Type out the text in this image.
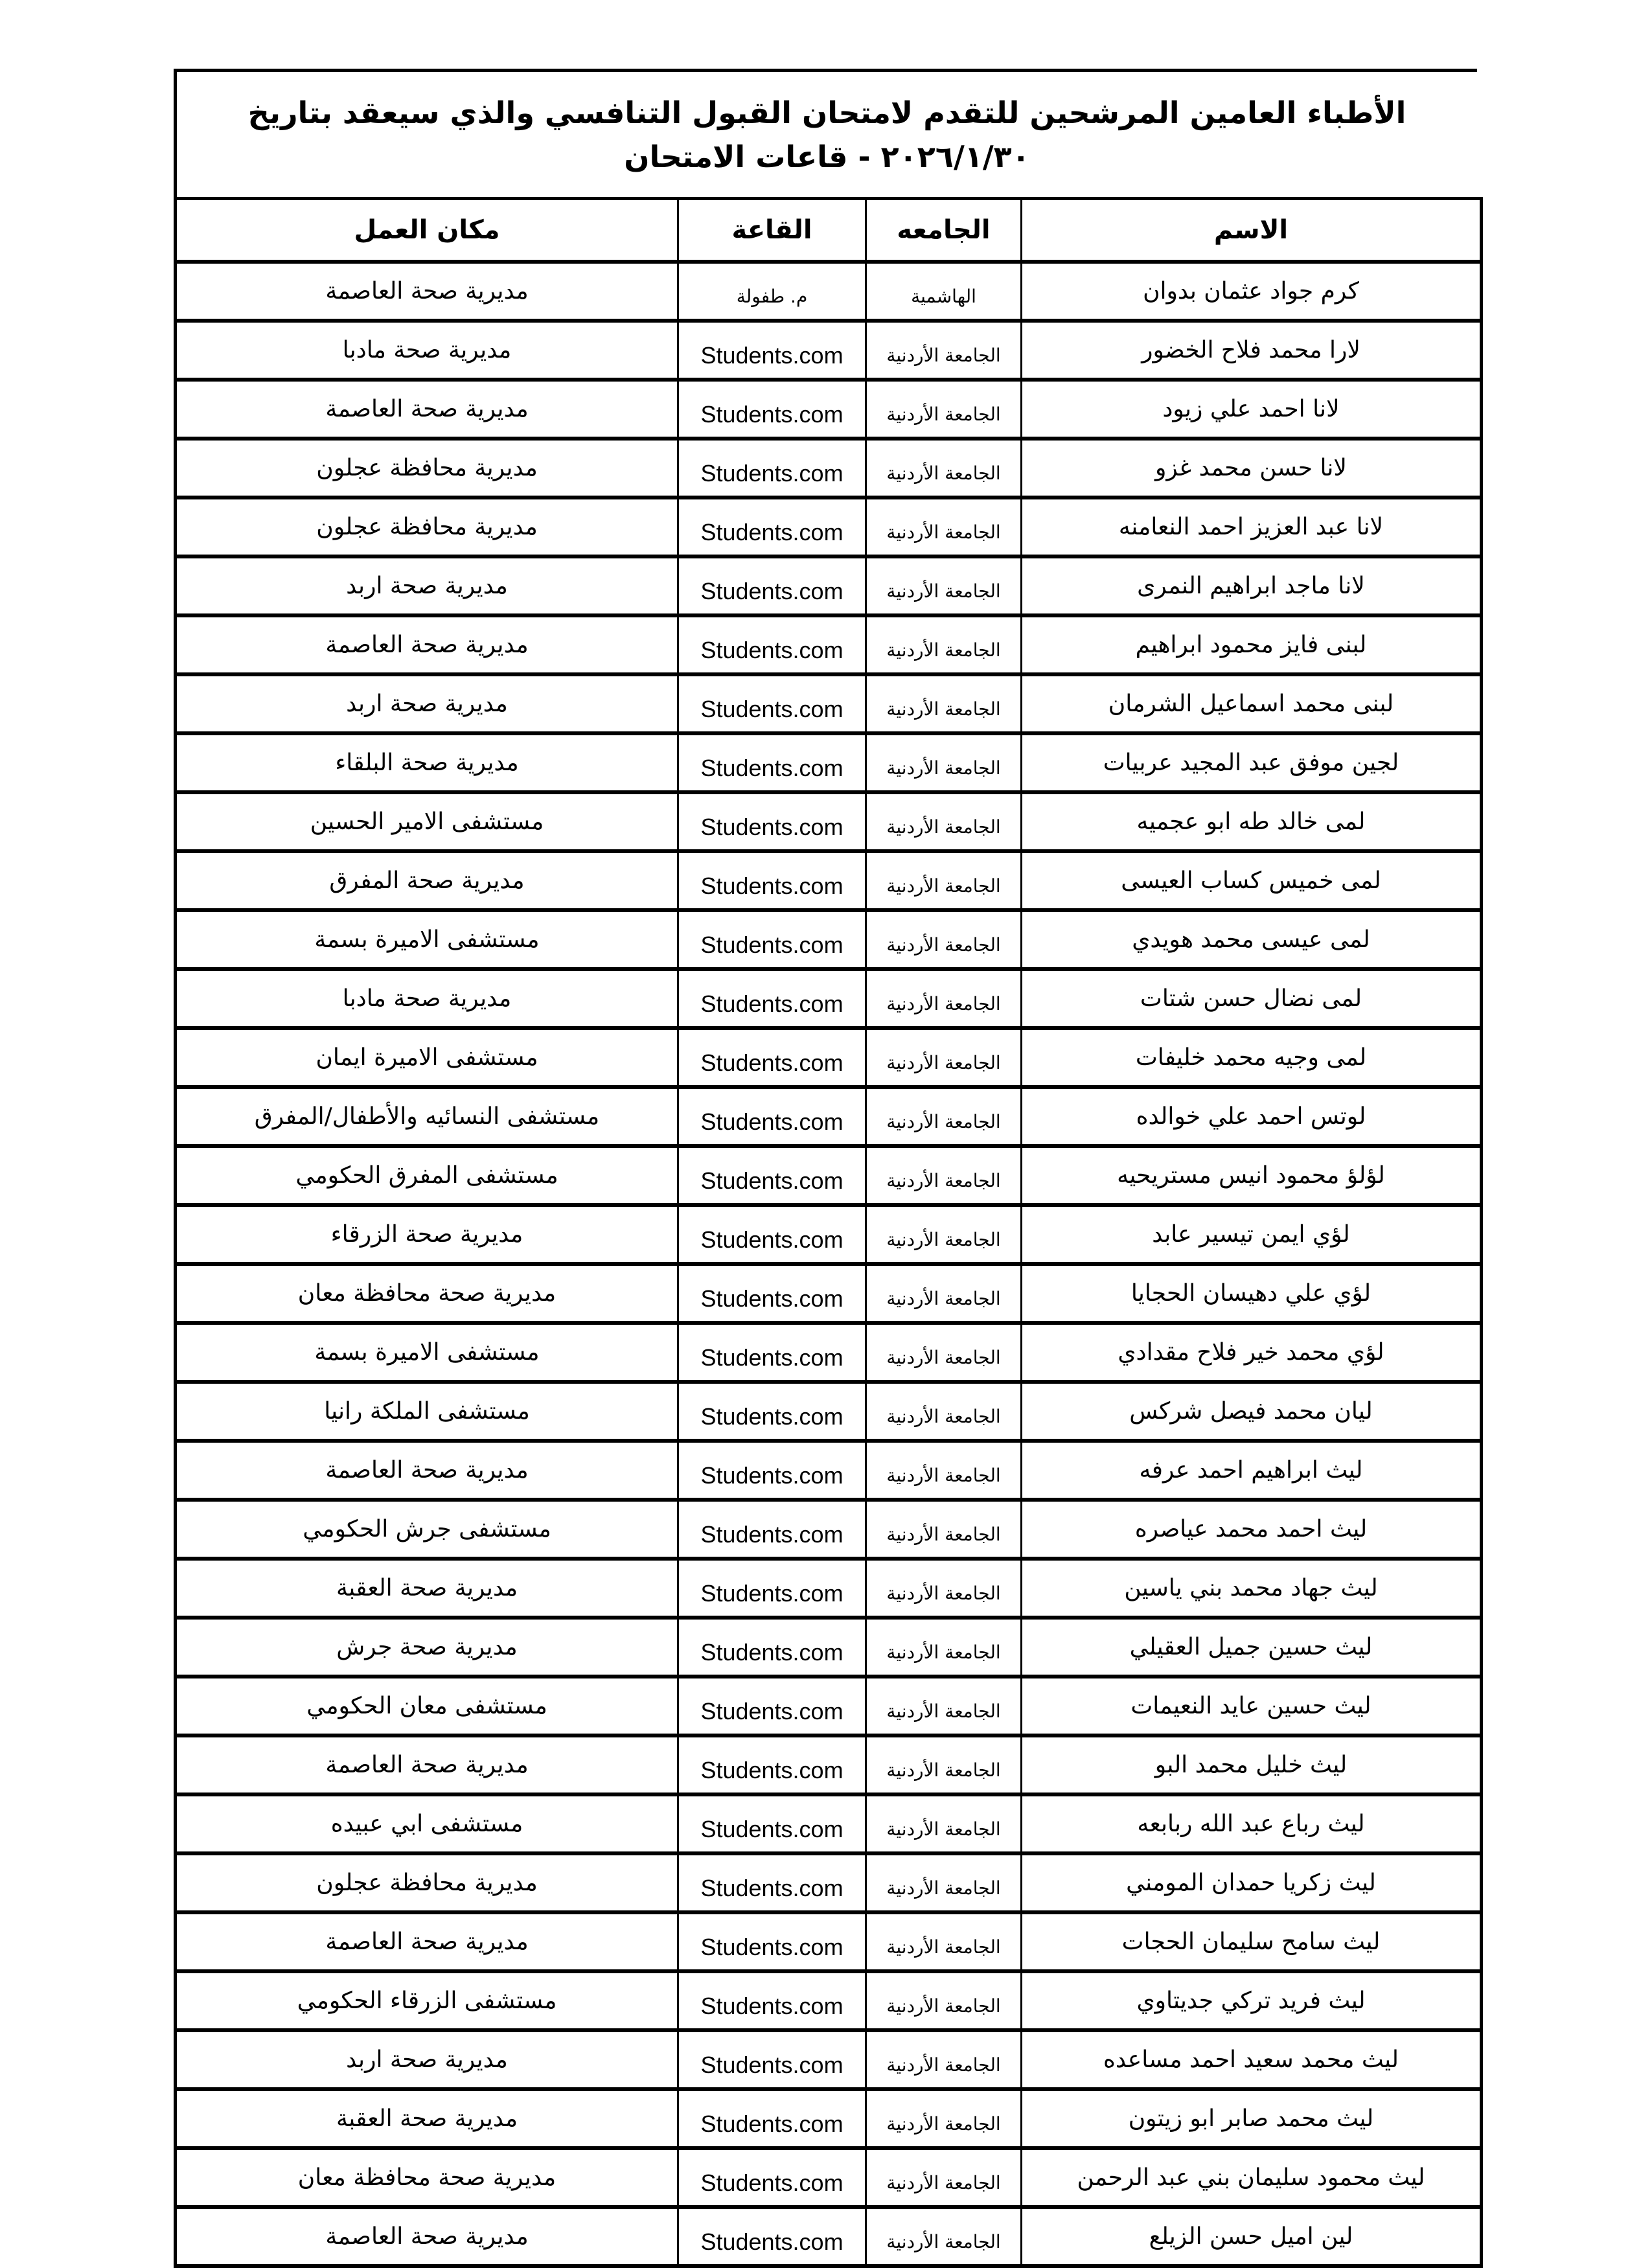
الأطباء العامين المرشحين للتقدم لامتحان القبول التنافسي والذي سيعقد بتاريخ ٢٠٢٦/١/٣٠ - قاعات الامتحان
الاسم	الجامعه	القاعة	مكان العمل
كرم جواد عثمان بدوان	الهاشمية	م. طفولة	مديرية صحة العاصمة
لارا محمد فلاح الخضور	الجامعة الأردنية	Students.com	مديرية صحة مادبا
لانا احمد علي زيود	الجامعة الأردنية	Students.com	مديرية صحة العاصمة
لانا حسن محمد غزو	الجامعة الأردنية	Students.com	مديرية محافظة عجلون
لانا عبد العزيز احمد النعامنه	الجامعة الأردنية	Students.com	مديرية محافظة عجلون
لانا ماجد ابراهيم النمرى	الجامعة الأردنية	Students.com	مديرية صحة اربد
لبنى فايز محمود ابراهيم	الجامعة الأردنية	Students.com	مديرية صحة العاصمة
لبنى محمد اسماعيل الشرمان	الجامعة الأردنية	Students.com	مديرية صحة اربد
لجين موفق عبد المجيد عربيات	الجامعة الأردنية	Students.com	مديرية صحة البلقاء
لمى خالد طه ابو عجميه	الجامعة الأردنية	Students.com	مستشفى الامير الحسين
لمى خميس كساب العيسى	الجامعة الأردنية	Students.com	مديرية صحة المفرق
لمى عيسى محمد هويدي	الجامعة الأردنية	Students.com	مستشفى الاميرة بسمة
لمى نضال حسن شتات	الجامعة الأردنية	Students.com	مديرية صحة مادبا
لمى وجيه محمد خليفات	الجامعة الأردنية	Students.com	مستشفى الاميرة ايمان
لوتس احمد علي خوالده	الجامعة الأردنية	Students.com	مستشفى النسائيه والأطفال/المفرق
لؤلؤ محمود انيس مستريحيه	الجامعة الأردنية	Students.com	مستشفى المفرق الحكومي
لؤي ايمن تيسير عابد	الجامعة الأردنية	Students.com	مديرية صحة الزرقاء
لؤي علي دهيسان الحجايا	الجامعة الأردنية	Students.com	مديرية صحة محافظة معان
لؤي محمد خير فلاح مقدادي	الجامعة الأردنية	Students.com	مستشفى الاميرة بسمة
ليان محمد فيصل شركس	الجامعة الأردنية	Students.com	مستشفى الملكة رانيا
ليث ابراهيم احمد عرفه	الجامعة الأردنية	Students.com	مديرية صحة العاصمة
ليث احمد محمد عياصره	الجامعة الأردنية	Students.com	مستشفى جرش الحكومي
ليث جهاد محمد بني ياسين	الجامعة الأردنية	Students.com	مديرية صحة العقبة
ليث حسين جميل العقيلي	الجامعة الأردنية	Students.com	مديرية صحة جرش
ليث حسين عايد النعيمات	الجامعة الأردنية	Students.com	مستشفى معان الحكومي
ليث خليل محمد البو	الجامعة الأردنية	Students.com	مديرية صحة العاصمة
ليث رباع عبد الله ربابعه	الجامعة الأردنية	Students.com	مستشفى ابي عبيده
ليث زكريا حمدان المومني	الجامعة الأردنية	Students.com	مديرية محافظة عجلون
ليث سامح سليمان الحجات	الجامعة الأردنية	Students.com	مديرية صحة العاصمة
ليث فريد تركي جديتاوي	الجامعة الأردنية	Students.com	مستشفى الزرقاء الحكومي
ليث محمد سعيد احمد مساعده	الجامعة الأردنية	Students.com	مديرية صحة اربد
ليث محمد صابر ابو زيتون	الجامعة الأردنية	Students.com	مديرية صحة العقبة
ليث محمود سليمان بني عبد الرحمن	الجامعة الأردنية	Students.com	مديرية صحة محافظة معان
لين اميل حسن الزيلع	الجامعة الأردنية	Students.com	مديرية صحة العاصمة
